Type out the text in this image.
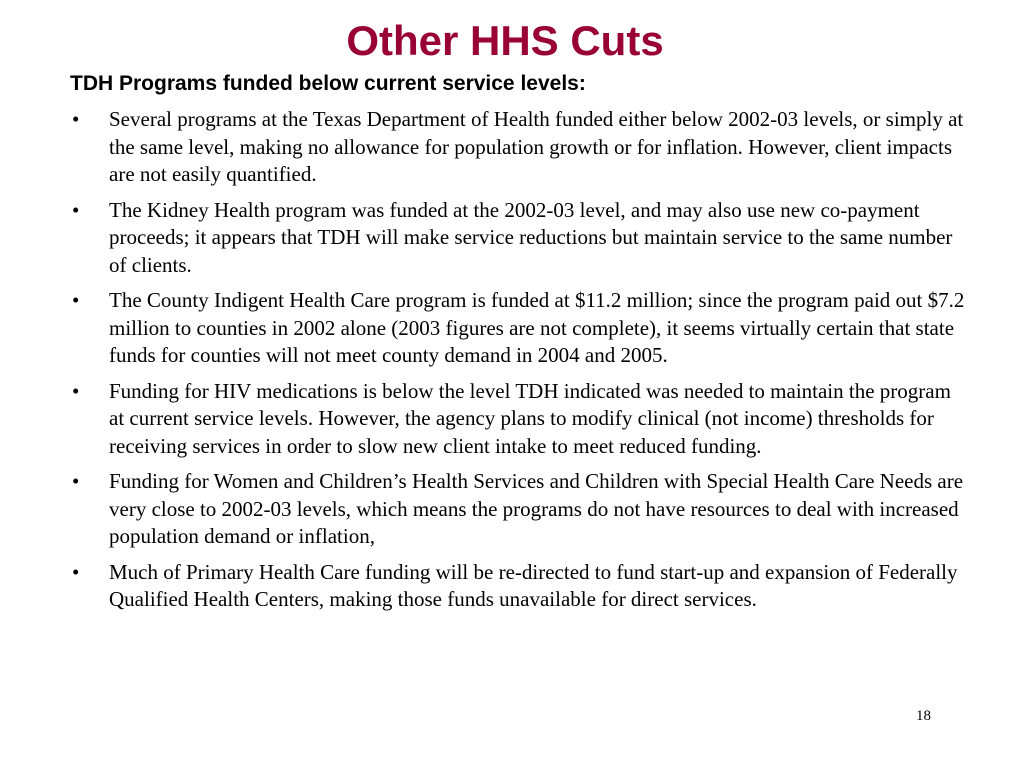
Other HHS Cuts
TDH Programs funded below current service levels:
• Several programs at the Texas Department of Health funded either below 2002-03 levels, or simply at the same level, making no allowance for population growth or for inflation. However, client impacts are not easily quantified.
• The Kidney Health program was funded at the 2002-03 level, and may also use new co-payment proceeds; it appears that TDH will make service reductions but maintain service to the same number of clients.
• The County Indigent Health Care program is funded at $11.2 million; since the program paid out $7.2 million to counties in 2002 alone (2003 figures are not complete), it seems virtually certain that state funds for counties will not meet county demand in 2004 and 2005.
• Funding for HIV medications is below the level TDH indicated was needed to maintain the program at current service levels. However, the agency plans to modify clinical (not income) thresholds for receiving services in order to slow new client intake to meet reduced funding.
• Funding for Women and Children’s Health Services and Children with Special Health Care Needs are very close to 2002-03 levels, which means the programs do not have resources to deal with increased population demand or inflation,
• Much of Primary Health Care funding will be re-directed to fund start-up and expansion of Federally Qualified Health Centers, making those funds unavailable for direct services.
18
